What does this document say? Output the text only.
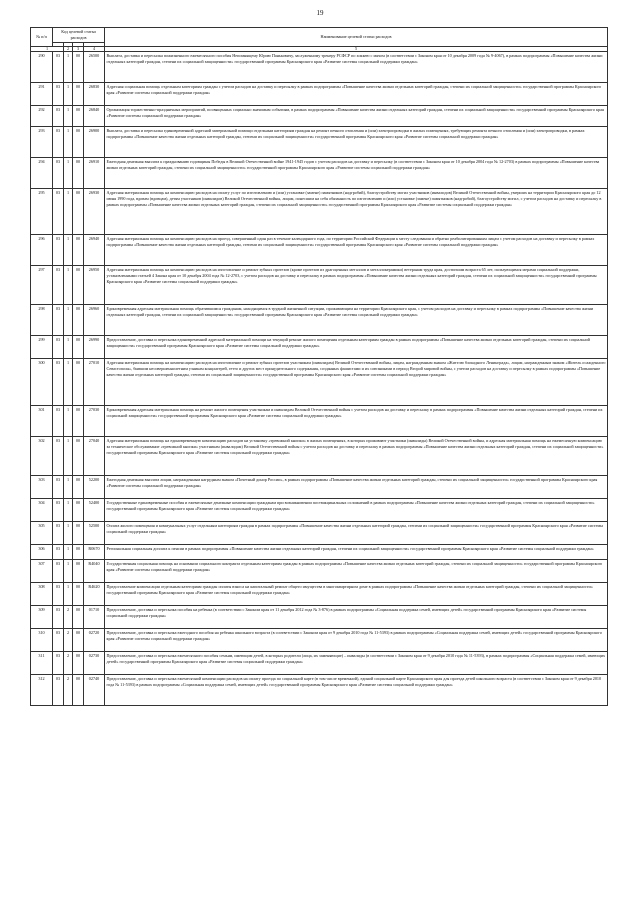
19
№ п/п	Код целевой статьи расходов				Наименование целевой статьи расходов

1		2	3	4	5
290	03	1	00	26500	Выплата, доставка и пересылка пожизненного ежемесячного пособия Непомнящему Юрию Паньковичу, заслуженному тренеру РСФСР по хоккею с мячом (в соответствии с Законом края от 10 декабря 2009 года № 9-4067), в рамках подпрограммы «Повышение качества жизни отдельных категорий граждан, степени их социальной защищенности» государственной программы Красноярского края «Развитие системы социальной поддержки граждан»
291	03	1	00	26830	Адресная социальная помощь отдельным категориям граждан с учетом расходов на доставку и пересылку в рамках подпрограммы «Повышение качества жизни отдельных категорий граждан, степени их социальной защищенности» государственной программы Красноярского края «Развитие системы социальной поддержки граждан»
292	03	1	00	26840	Организация торжественно-праздничных мероприятий, посвященных социально значимым событиям, в рамках подпрограммы «Повышение качества жизни отдельных категорий граждан, степени их социальной защищенности» государственной программы Красноярского края «Развитие системы социальной поддержки граждан»
293	03	1	00	26900	Выплата, доставка и пересылка единовременной адресной материальной помощи отдельным категориям граждан на ремонт печного отопления и (или) электропроводки в жилых помещениях, требующих ремонта печного отопления и (или) электропроводки, в рамках подпрограммы «Повышение качества жизни отдельных категорий граждан, степени их социальной защищенности» государственной программы Красноярского края «Развитие системы социальной поддержки граждан»
294	03	1	00	26910	Ежегодная денежная выплата к празднованию годовщины Победы в Великой Отечественной войне 1941-1945 годов с учетом расходов на доставку и пересылку (в соответствии с Законом края от 10 декабря 2004 года № 12-2703) в рамках подпрограммы «Повышение качества жизни отдельных категорий граждан, степени их социальной защищенности» государственной программы Красноярского края «Развитие системы социальной поддержки граждан»
295	03	1	00	26930	Адресная материальная помощь на компенсацию расходов на оплату услуг по изготовлению и (или) установке (замене) памятников (надгробий), благоустройству могил участников (инвалидов) Великой Отечественной войны, умерших на территории Красноярского края до 12 июня 1990 года, вдовам (вдовцам), детям участников (инвалидов) Великой Отечественной войны, лицам, понесшим на себя обязанность по изготовлению и (или) установке (замене) памятников (надгробий), благоустройству могил, с учетом расходов на доставку и пересылку в рамках подпрограммы «Повышение качества жизни отдельных категорий граждан, степени их социальной защищенности» государственной программы Красноярского края «Развитие системы социальной поддержки граждан»
296	03	1	00	26940	Адресная материальная помощь на компенсацию расходов на проезд, совершенный один раз в течение календарного года, по территории Российской Федерации к месту следования и обратно реабилитированным лицам с учетом расходов на доставку и пересылку в рамках подпрограммы «Повышение качества жизни отдельных категорий граждан, степени их социальной защищенности» государственной программы Красноярского края «Развитие системы социальной поддержки граждан»
297	03	1	00	26950	Адресная материальная помощь на компенсацию расходов на изготовление и ремонт зубных протезов (кроме протезов из драгоценных металлов и металлокерамики) ветеранам труда края, достигшим возраста 65 лет, пользующимся мерами социальной поддержки, установленными статьей 4 Закона края от 10 декабря 2004 года № 12-2703, с учетом расходов на доставку и пересылку в рамках подпрограммы «Повышение качества жизни отдельных категорий граждан, степени их социальной защищенности» государственной программы Красноярского края «Развитие системы социальной поддержки граждан»
298	03	1	00	26960	Единовременная адресная материальная помощь обратившимся гражданам, находящимся в трудной жизненной ситуации, проживающим на территории Красноярского края, с учетом расходов на доставку и пересылку в рамках подпрограммы «Повышение качества жизни отдельных категорий граждан, степени их социальной защищенности» государственной программы Красноярского края «Развитие системы социальной поддержки граждан»
299	03	1	00	26990	Предоставление, доставка и пересылка единовременной адресной материальной помощи на текущий ремонт жилого помещения отдельным категориям граждан в рамках подпрограммы «Повышение качества жизни отдельных категорий граждан, степени их социальной защищенности» государственной программы Красноярского края «Развитие системы социальной поддержки граждан»
300	03	1	00	27010	Адресная материальная помощь на компенсацию расходов на изготовление и ремонт зубных протезов участникам (инвалидам) Великой Отечественной войны, лицам, награжденным знаком «Жителю блокадного Ленинграда», лицам, награжденным знаком «Житель осажденного Севастополя», бывшим несовершеннолетним узникам концлагерей, гетто и других мест принудительного содержания, созданных фашистами и их союзниками в период Второй мировой войны, с учетом расходов на доставку и пересылку в рамках подпрограммы «Повышение качества жизни отдельных категорий граждан, степени их социальной защищенности» государственной программы Красноярского края «Развитие системы социальной поддержки граждан»
301	03	1	00	27030	Единовременная адресная материальная помощь на ремонт жилого помещения участникам и инвалидам Великой Отечественной войны с учетом расходов на доставку и пересылку в рамках подпрограммы «Повышение качества жизни отдельных категорий граждан, степени их социальной защищенности» государственной программы Красноярского края «Развитие системы социальной поддержки граждан»
302	03	1	00	27040	Адресная материальная помощь на единовременную компенсацию расходов на установку «тревожной кнопки» в жилых помещениях, в которых проживают участники (инвалиды) Великой Отечественной войны, и адресная материальная помощь на ежемесячную компенсацию за техническое обслуживание «тревожной кнопки» участникам (инвалидам) Великой Отечественной войны с учетом расходов на доставку и пересылку в рамках подпрограммы «Повышение качества жизни отдельных категорий граждан, степени их социальной защищенности» государственной программы Красноярского края «Развитие системы социальной поддержки граждан»
303	03	1	00	52200	Ежегодная денежная выплата лицам, награжденным нагрудным знаком «Почетный донор России», в рамках подпрограммы «Повышение качества жизни отдельных категорий граждан, степени их социальной защищенности» государственной программы Красноярского края «Развитие системы социальной поддержки граждан»
304	03	1	00	52400	Государственные единовременные пособия и ежемесячные денежные компенсации гражданам при возникновении поствакцинальных осложнений в рамках подпрограммы «Повышение качества жизни отдельных категорий граждан, степени их социальной защищенности» государственной программы Красноярского края «Развитие системы социальной поддержки граждан»
305	03	1	00	52500	Оплата жилого помещения и коммунальных услуг отдельным категориям граждан в рамках подпрограммы «Повышение качества жизни отдельных категорий граждан, степени их социальной защищенности» государственной программы Красноярского края «Развитие системы социальной поддержки граждан»
306	03	1	00	R0670	Региональная социальная доплата к пенсии в рамках подпрограммы «Повышение качества жизни отдельных категорий граждан, степени их социальной защищенности» государственной программы Красноярского края «Развитие системы социальной поддержки граждан»
307	03	1	00	R4040	Государственная социальная помощь на основании социального контракта отдельным категориям граждан в рамках подпрограммы «Повышение качества жизни отдельных категорий граждан, степени их социальной защищенности» государственной программы Красноярского края «Развитие системы социальной поддержки граждан»
308	03	1	00	R4620	Предоставление компенсации отдельным категориям граждан оплаты взноса на капитальный ремонт общего имущества в многоквартирном доме в рамках подпрограммы «Повышение качества жизни отдельных категорий граждан, степени их социальной защищенности» государственной программы Красноярского края «Развитие системы социальной поддержки граждан»
309	03	2	00	01710	Предоставление, доставка и пересылка пособия на ребенка (в соответствии с Законом края от 11 декабря 2012 года № 3-876) в рамках подпрограммы «Социальная поддержка семей, имеющих детей» государственной программы Красноярского края «Развитие системы социальной поддержки граждан»
310	03	2	00	02720	Предоставление, доставка и пересылка ежегодного пособия на ребенка школьного возраста (в соответствии с Законом края от 9 декабря 2010 года № 11-5393) в рамках подпрограммы «Социальная поддержка семей, имеющих детей» государственной программы Красноярского края «Развитие системы социальной поддержки граждан»
311	03	2	00	02730	Предоставление, доставка и пересылка ежемесячного пособия семьям, имеющим детей, в которых родители (лица, их заменяющие) – инвалиды (в соответствии с Законом края от 9 декабря 2010 года № 11-5393), в рамках подпрограммы «Социальная поддержка семей, имеющих детей» государственной программы Красноярского края «Развитие системы социальной поддержки граждан»
312	03	2	00	02740	Предоставление, доставка и пересылка ежемесячной компенсации расходов на оплату проезда по социальной карте (в том числе временной), единой социальной карте Красноярского края для проезда детей школьного возраста (в соответствии с Законом края от 9 декабря 2010 года № 11-5393) в рамках подпрограммы «Социальная поддержка семей, имеющих детей» государственной программы Красноярского края «Развитие системы социальной поддержки граждан»
